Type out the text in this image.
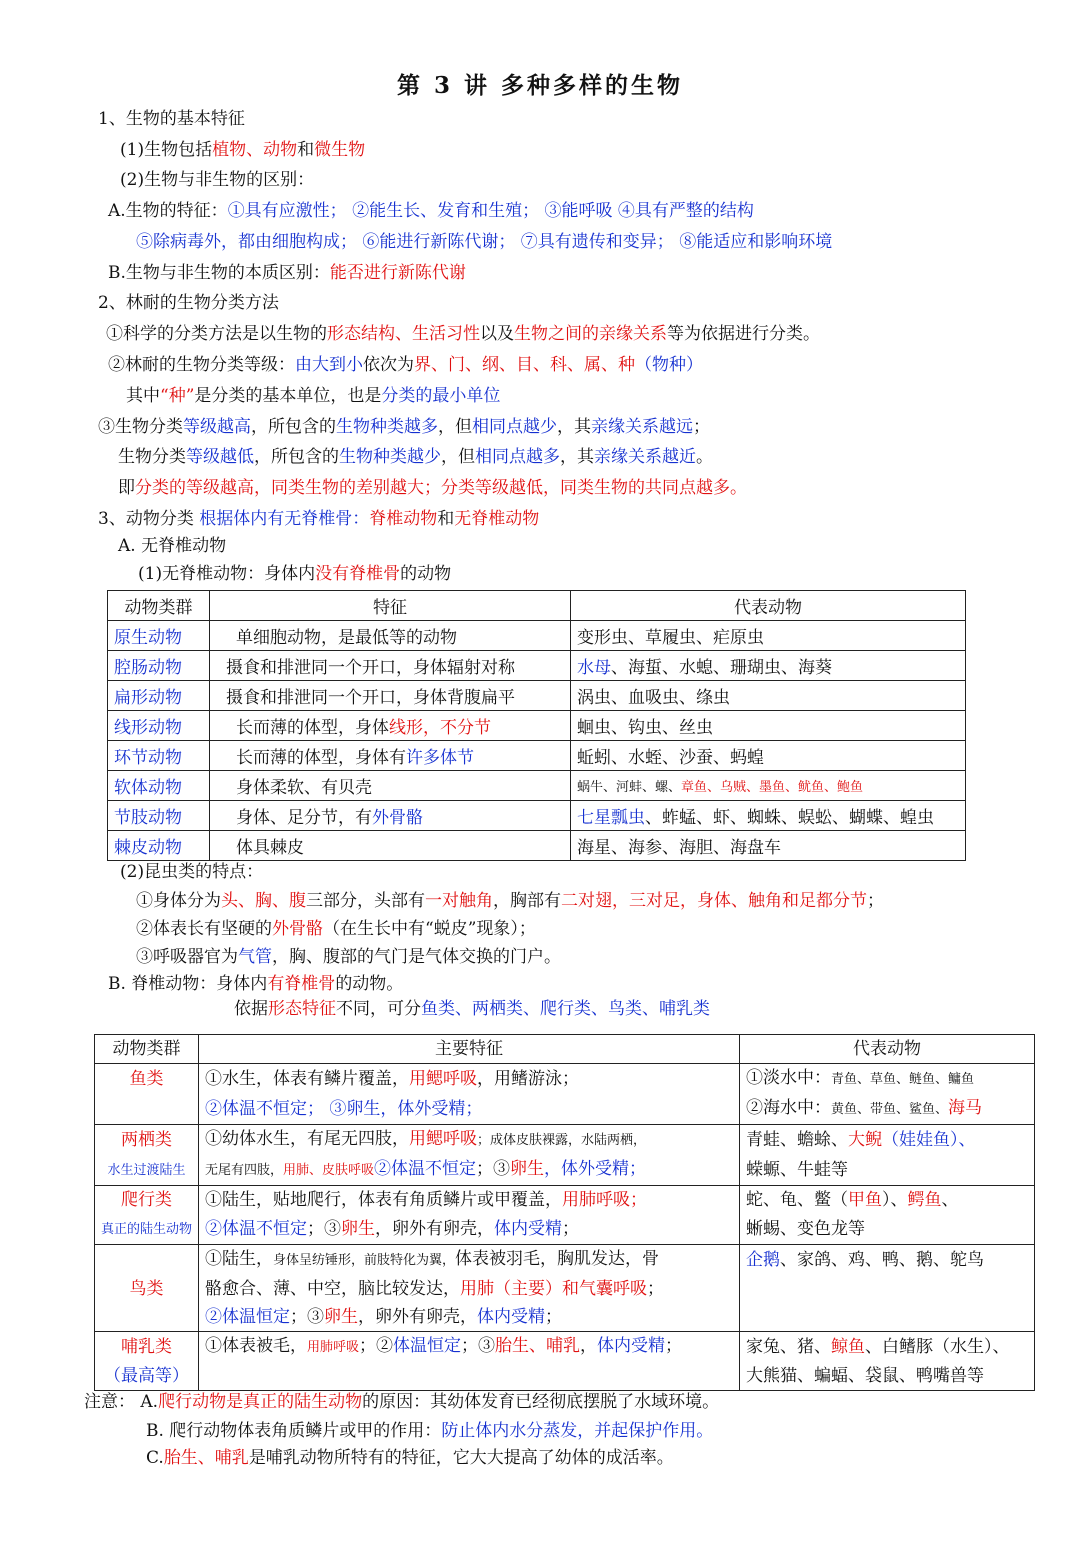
第 3 讲 多种多样的生物
1、生物的基本特征
(1)生物包括植物、动物和微生物
(2)生物与非生物的区别：
A.生物的特征：①具有应激性； ②能生长、发育和生殖； ③能呼吸 ④具有严整的结构
⑤除病毒外，都由细胞构成； ⑥能进行新陈代谢； ⑦具有遗传和变异； ⑧能适应和影响环境
B.生物与非生物的本质区别：能否进行新陈代谢
2、林耐的生物分类方法
①科学的分类方法是以生物的形态结构、生活习性以及生物之间的亲缘关系等为依据进行分类。
②林耐的生物分类等级：由大到小依次为界、门、纲、目、科、属、种（物种）
其中“种”是分类的基本单位，也是分类的最小单位
③生物分类等级越高，所包含的生物种类越多，但相同点越少，其亲缘关系越远；
生物分类等级越低，所包含的生物种类越少，但相同点越多，其亲缘关系越近。
即分类的等级越高，同类生物的差别越大；分类等级越低，同类生物的共同点越多。
3、动物分类 根据体内有无脊椎骨：脊椎动物和无脊椎动物
A. 无脊椎动物
(1)无脊椎动物：身体内没有脊椎骨的动物
(2)昆虫类的特点：
①身体分为头、胸、腹三部分，头部有一对触角，胸部有二对翅，三对足，身体、触角和足都分节；
②体表长有坚硬的外骨骼（在生长中有“蜕皮”现象）；
③呼吸器官为气管，胸、腹部的气门是气体交换的门户。
B. 脊椎动物：身体内有脊椎骨的动物。
依据形态特征不同，可分鱼类、两栖类、爬行类、鸟类、哺乳类
注意： A.爬行动物是真正的陆生动物的原因：其幼体发育已经彻底摆脱了水域环境。
B. 爬行动物体表角质鳞片或甲的作用：防止体内水分蒸发，并起保护作用。
C.胎生、哺乳是哺乳动物所特有的特征，它大大提高了幼体的成活率。
动物类群	特征	代表动物
原生动物	单细胞动物，是最低等的动物	变形虫、草履虫、疟原虫
腔肠动物	摄食和排泄同一个开口，身体辐射对称	水母、海蜇、水螅、珊瑚虫、海葵
扁形动物	摄食和排泄同一个开口，身体背腹扁平	涡虫、血吸虫、绦虫
线形动物	长而薄的体型，身体线形，不分节	蛔虫、钩虫、丝虫
环节动物	长而薄的体型，身体有许多体节	蚯蚓、水蛭、沙蚕、蚂蝗
软体动物	身体柔软、有贝壳	蜗牛、河蚌、螺、章鱼、乌贼、墨鱼、鱿鱼、鲍鱼
节肢动物	身体、足分节，有外骨骼	七星瓢虫、蚱蜢、虾、蜘蛛、蜈蚣、蝴蝶、蝗虫
棘皮动物	体具棘皮	海星、海参、海胆、海盘车
动物类群	主要特征	代表动物
鱼类	①水生，体表有鳞片覆盖，用鳃呼吸，用鳍游泳；	①淡水中：青鱼、草鱼、鲢鱼、鳙鱼
	②体温不恒定； ③卵生，体外受精；	②海水中：黄鱼、带鱼、鲨鱼、海马
两栖类	①幼体水生，有尾无四肢，用鳃呼吸；成体皮肤裸露，水陆两栖，	青蛙、蟾蜍、大鲵（娃娃鱼）、
水生过渡陆生	无尾有四肢，用肺、皮肤呼吸②体温不恒定；③卵生，体外受精；	蝾螈、牛蛙等
爬行类	①陆生，贴地爬行，体表有角质鳞片或甲覆盖，用肺呼吸；	蛇、龟、鳖（甲鱼）、鳄鱼、
真正的陆生动物	②体温不恒定；③卵生，卵外有卵壳，体内受精；	蜥蜴、变色龙等
	①陆生，身体呈纺锤形，前肢特化为翼，体表被羽毛，胸肌发达，骨	企鹅、家鸽、鸡、鸭、鹅、鸵鸟
鸟类	骼愈合、薄、中空，脑比较发达，用肺（主要）和气囊呼吸；	
	②体温恒定；③卵生，卵外有卵壳，体内受精；	
哺乳类	①体表被毛，用肺呼吸；②体温恒定；③胎生、哺乳，体内受精；	家兔、猪、鲸鱼、白鳍豚（水生）、
（最高等）		大熊猫、蝙蝠、袋鼠、鸭嘴兽等
